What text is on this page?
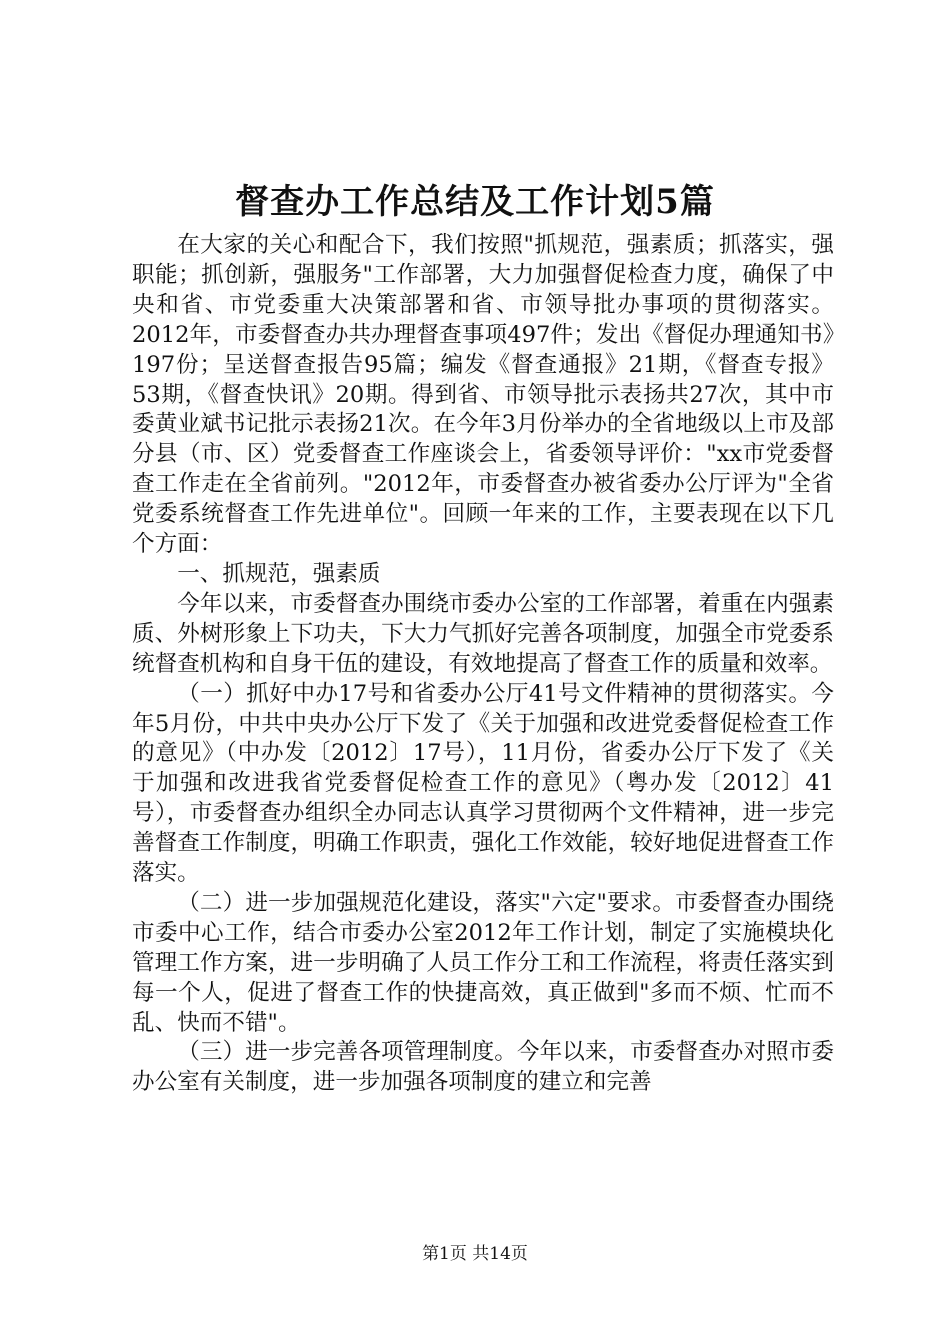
督查办工作总结及工作计划5篇

在大家的关心和配合下，我们按照"抓规范，强素质；抓落实，强职能；抓创新，强服务"工作部署，大力加强督促检查力度，确保了中央和省、市党委重大决策部署和省、市领导批办事项的贯彻落实。2012年，市委督查办共办理督查事项497件；发出《督促办理通知书》197份；呈送督查报告95篇；编发《督查通报》21期，《督查专报》53期，《督查快讯》20期。得到省、市领导批示表扬共27次，其中市委黄业斌书记批示表扬21次。在今年3月份举办的全省地级以上市及部分县（市、区）党委督查工作座谈会上，省委领导评价："xx市党委督查工作走在全省前列。"2012年，市委督查办被省委办公厅评为"全省党委系统督查工作先进单位"。回顾一年来的工作，主要表现在以下几个方面：

一、抓规范，强素质

今年以来，市委督查办围绕市委办公室的工作部署，着重在内强素质、外树形象上下功夫，下大力气抓好完善各项制度，加强全市党委系统督查机构和自身干伍的建设，有效地提高了督查工作的质量和效率。

（一）抓好中办17号和省委办公厅41号文件精神的贯彻落实。今年5月份，中共中央办公厅下发了《关于加强和改进党委督促检查工作的意见》（中办发〔2012〕17号），11月份，省委办公厅下发了《关于加强和改进我省党委督促检查工作的意见》（粤办发〔2012〕41号），市委督查办组织全办同志认真学习贯彻两个文件精神，进一步完善督查工作制度，明确工作职责，强化工作效能，较好地促进督查工作落实。

（二）进一步加强规范化建设，落实"六定"要求。市委督查办围绕市委中心工作，结合市委办公室2012年工作计划，制定了实施模块化管理工作方案，进一步明确了人员工作分工和工作流程，将责任落实到每一个人，促进了督查工作的快捷高效，真正做到"多而不烦、忙而不乱、快而不错"。

（三）进一步完善各项管理制度。今年以来，市委督查办对照市委办公室有关制度，进一步加强各项制度的建立和完善

第1页 共14页
